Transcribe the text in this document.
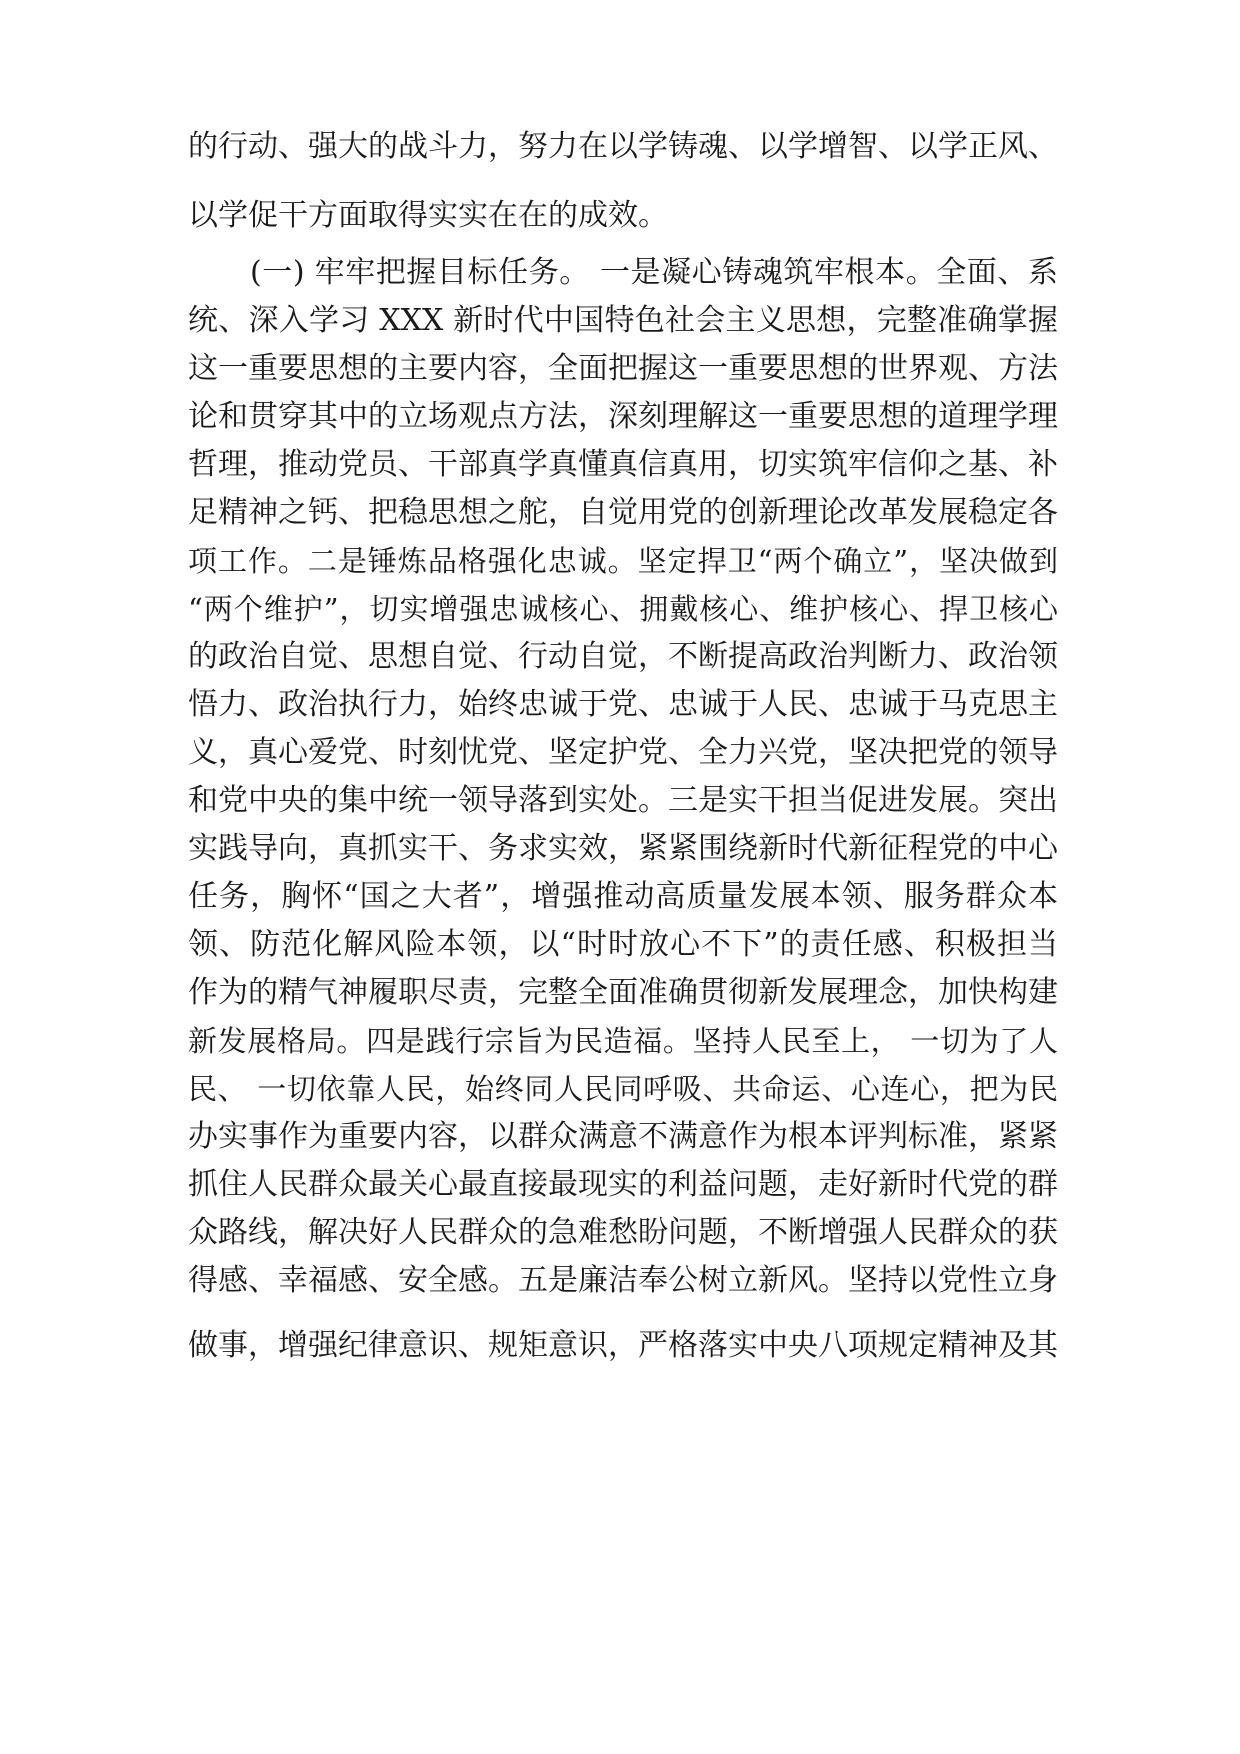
的行动、强大的战斗力，努力在以学铸魂、以学增智、以学正风、
以学促干方面取得实实在在的成效。
(一) 牢牢把握目标任务。 一是凝心铸魂筑牢根本。全面、系
统、深入学习 XXX 新时代中国特色社会主义思想，完整准确掌握
这一重要思想的主要内容，全面把握这一重要思想的世界观、方法
论和贯穿其中的立场观点方法，深刻理解这一重要思想的道理学理
哲理，推动党员、干部真学真懂真信真用，切实筑牢信仰之基、补
足精神之钙、把稳思想之舵，自觉用党的创新理论改革发展稳定各
项工作。二是锤炼品格强化忠诚。坚定捍卫“两个确立”，坚决做到
“两个维护”，切实增强忠诚核心、拥戴核心、维护核心、捍卫核心
的政治自觉、思想自觉、行动自觉，不断提高政治判断力、政治领
悟力、政治执行力，始终忠诚于党、忠诚于人民、忠诚于马克思主
义，真心爱党、时刻忧党、坚定护党、全力兴党，坚决把党的领导
和党中央的集中统一领导落到实处。三是实干担当促进发展。突出
实践导向，真抓实干、务求实效，紧紧围绕新时代新征程党的中心
任务，胸怀“国之大者”，增强推动高质量发展本领、服务群众本
领、防范化解风险本领，以“时时放心不下”的责任感、积极担当
作为的精气神履职尽责，完整全面准确贯彻新发展理念，加快构建
新发展格局。四是践行宗旨为民造福。坚持人民至上， 一切为了人
民、 一切依靠人民，始终同人民同呼吸、共命运、心连心，把为民
办实事作为重要内容，以群众满意不满意作为根本评判标准，紧紧
抓住人民群众最关心最直接最现实的利益问题，走好新时代党的群
众路线，解决好人民群众的急难愁盼问题，不断增强人民群众的获
得感、幸福感、安全感。五是廉洁奉公树立新风。坚持以党性立身
做事，增强纪律意识、规矩意识，严格落实中央八项规定精神及其
